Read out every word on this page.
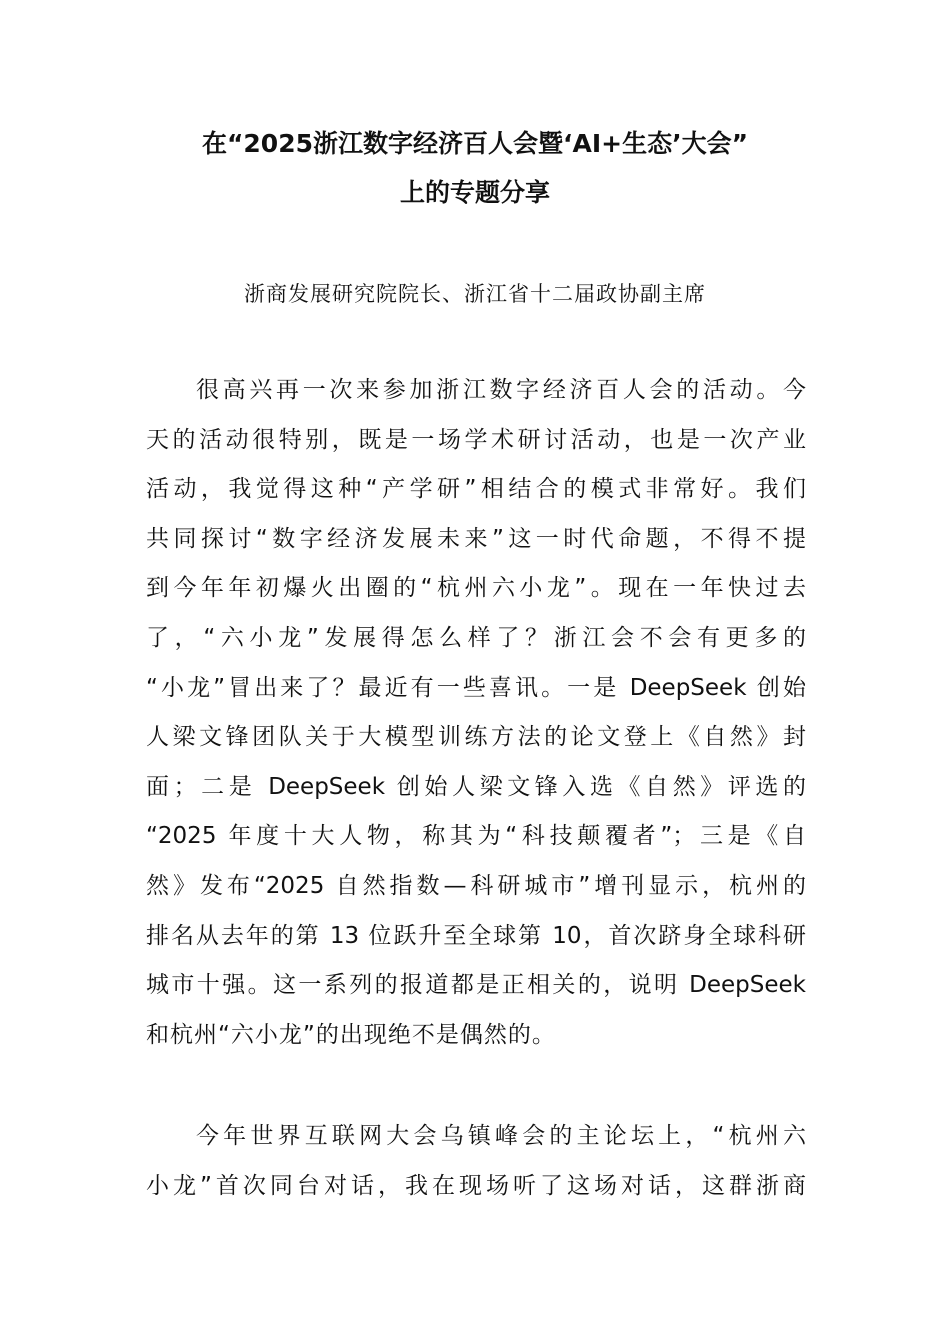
在“2025浙江数字经济百人会暨‘AI+生态’大会”
上的专题分享
浙商发展研究院院长、浙江省十二届政协副主席
很高兴再一次来参加浙江数字经济百人会的活动。今
天的活动很特别，既是一场学术研讨活动，也是一次产业
活动，我觉得这种“产学研”相结合的模式非常好。我们
共同探讨“数字经济发展未来”这一时代命题，不得不提
到今年年初爆火出圈的“杭州六小龙”。现在一年快过去
了，“六小龙”发展得怎么样了？浙江会不会有更多的
“小龙”冒出来了？最近有一些喜讯。一是 DeepSeek 创始
人梁文锋团队关于大模型训练方法的论文登上《自然》封
面；二是 DeepSeek 创始人梁文锋入选《自然》评选的
“2025 年度十大人物，称其为“科技颠覆者”；三是《自
然》发布“2025 自然指数—科研城市”增刊显示，杭州的
排名从去年的第 13 位跃升至全球第 10，首次跻身全球科研
城市十强。这一系列的报道都是正相关的，说明 DeepSeek
和杭州“六小龙”的出现绝不是偶然的。
今年世界互联网大会乌镇峰会的主论坛上，“杭州六
小龙”首次同台对话，我在现场听了这场对话，这群浙商
